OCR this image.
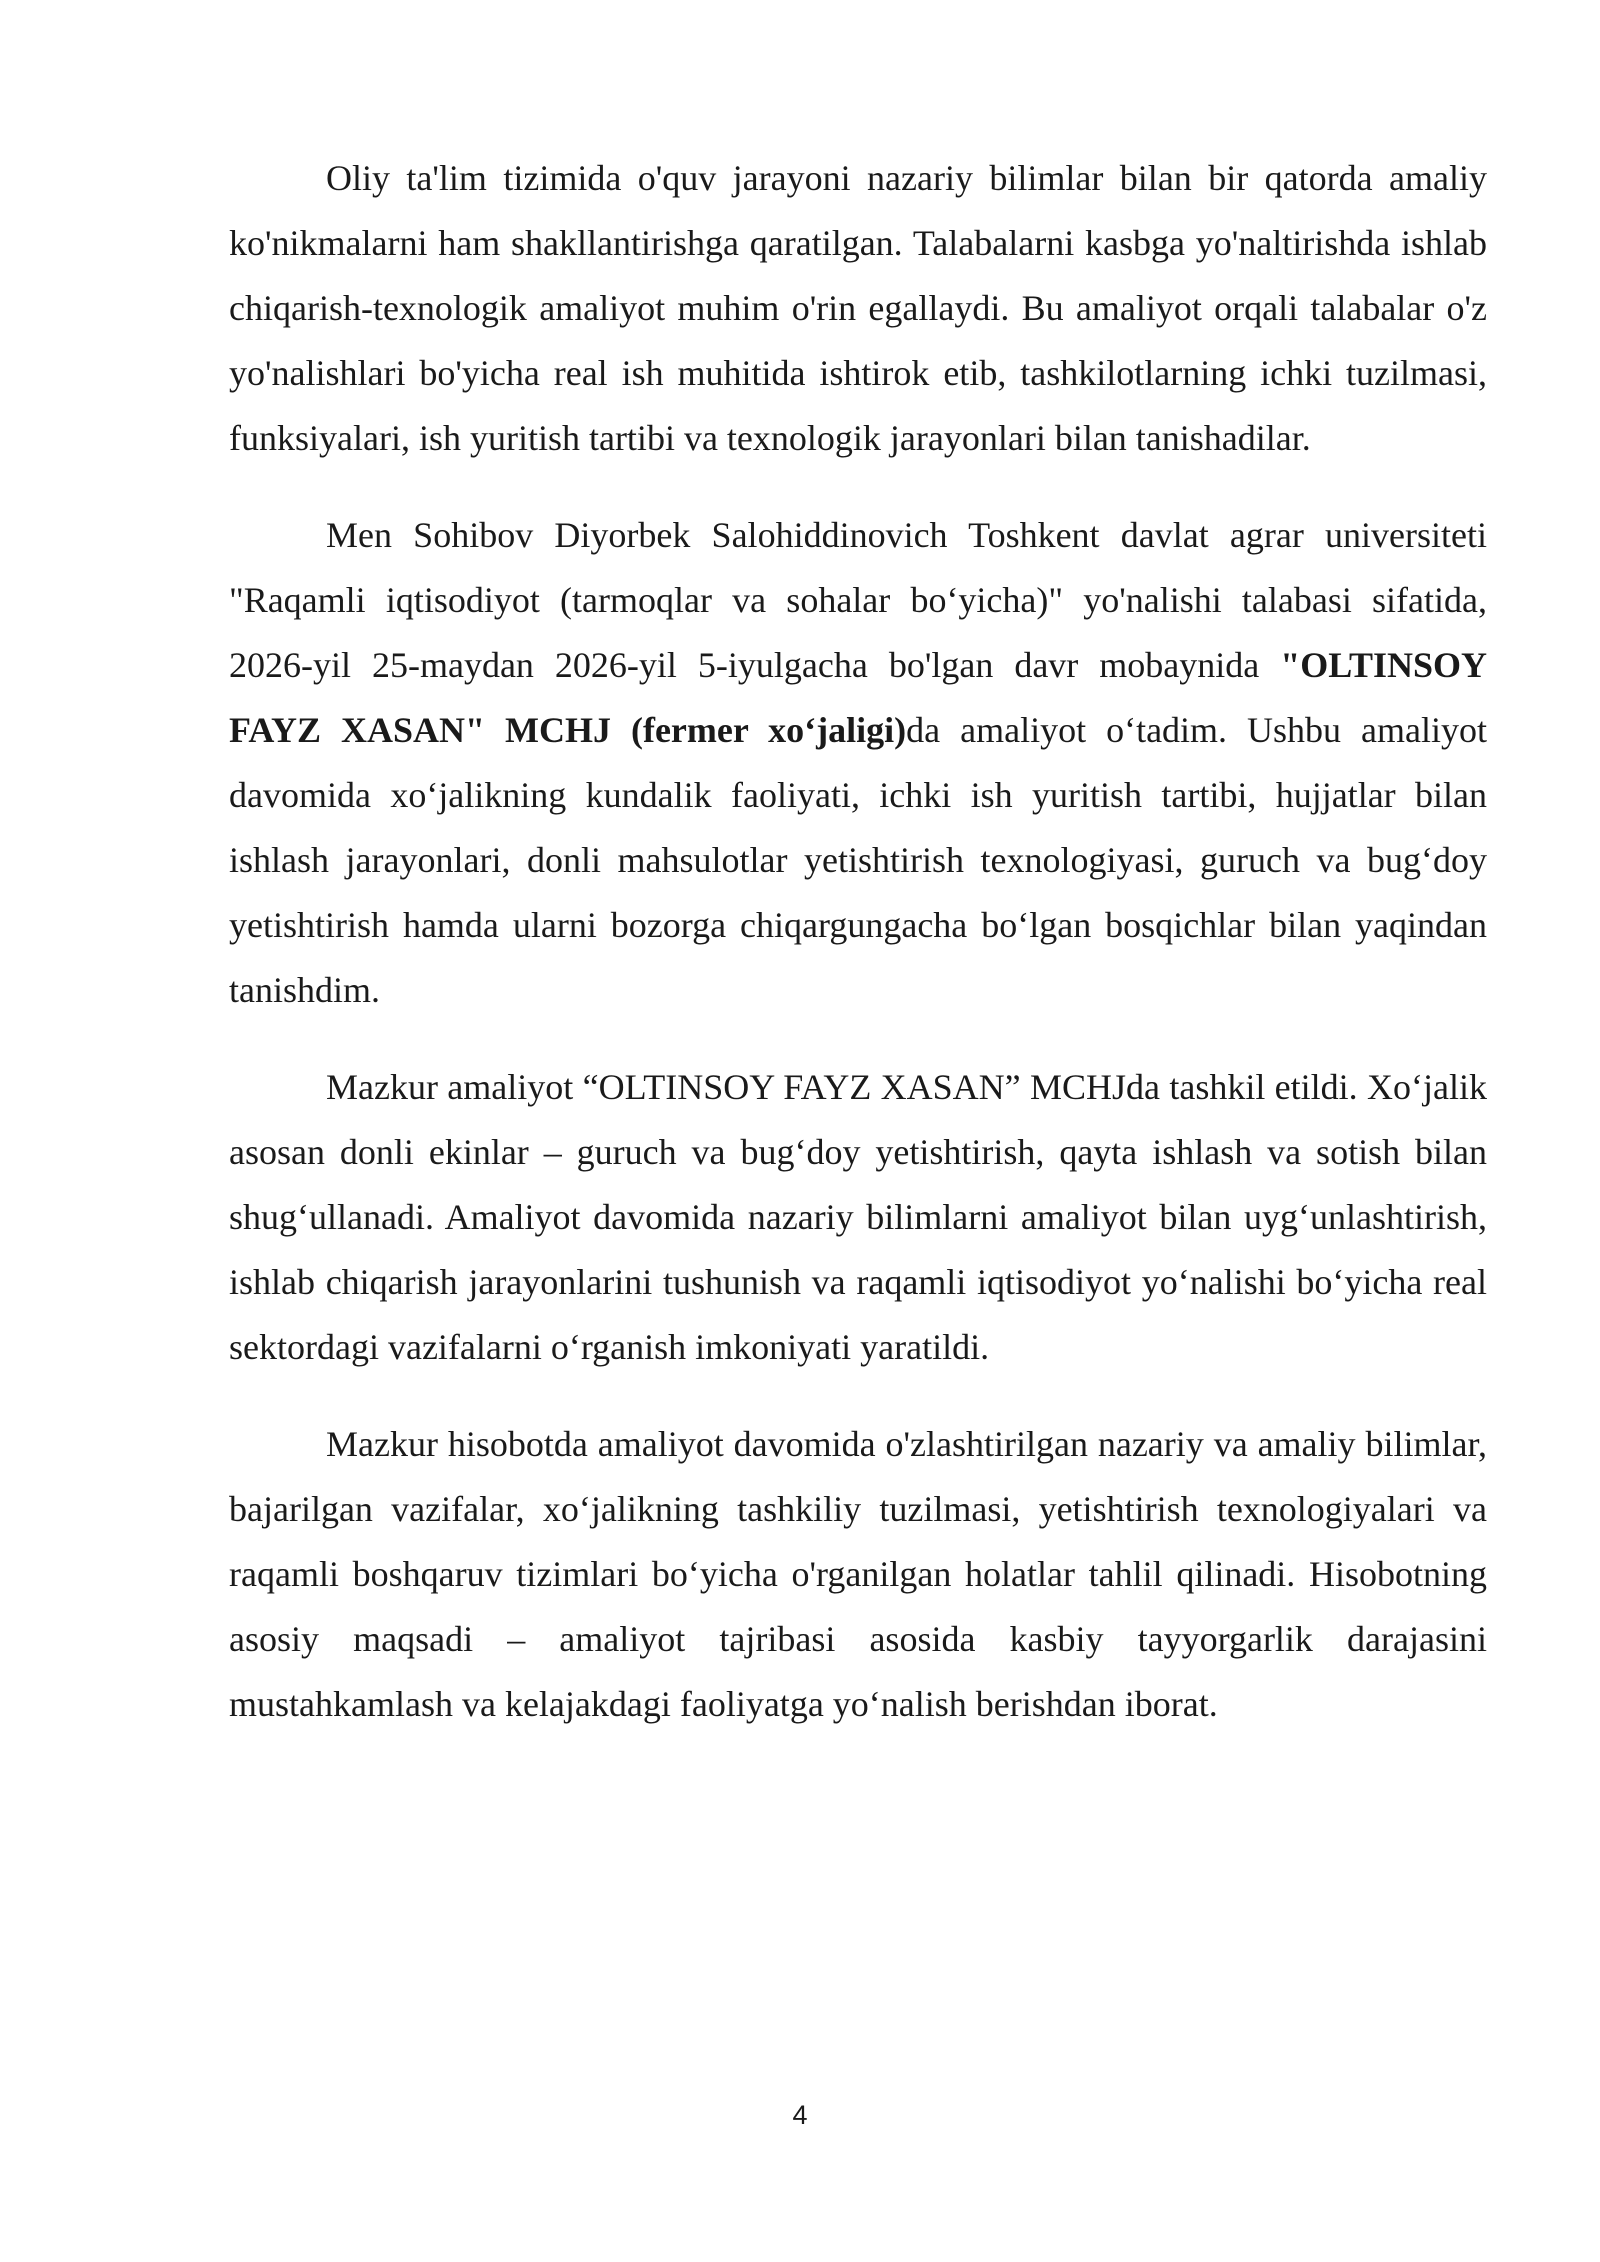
Oliy ta'lim tizimida o'quv jarayoni nazariy bilimlar bilan bir qatorda amaliy ko'nikmalarni ham shakllantirishga qaratilgan. Talabalarni kasbga yo'naltirishda ishlab chiqarish-texnologik amaliyot muhim o'rin egallaydi. Bu amaliyot orqali talabalar o'z yo'nalishlari bo'yicha real ish muhitida ishtirok etib, tashkilotlarning ichki tuzilmasi, funksiyalari, ish yuritish tartibi va texnologik jarayonlari bilan tanishadilar.

Men Sohibov Diyorbek Salohiddinovich Toshkent davlat agrar universiteti "Raqamli iqtisodiyot (tarmoqlar va sohalar bo‘yicha)" yo'nalishi talabasi sifatida, 2026-yil 25-maydan 2026-yil 5-iyulgacha bo'lgan davr mobaynida "OLTINSOY FAYZ XASAN" MCHJ (fermer xo‘jaligi)da amaliyot o‘tadim. Ushbu amaliyot davomida xo‘jalikning kundalik faoliyati, ichki ish yuritish tartibi, hujjatlar bilan ishlash jarayonlari, donli mahsulotlar yetishtirish texnologiyasi, guruch va bug‘doy yetishtirish hamda ularni bozorga chiqargungacha bo‘lgan bosqichlar bilan yaqindan tanishdim.

Mazkur amaliyot “OLTINSOY FAYZ XASAN” MCHJda tashkil etildi. Xo‘jalik asosan donli ekinlar – guruch va bug‘doy yetishtirish, qayta ishlash va sotish bilan shug‘ullanadi. Amaliyot davomida nazariy bilimlarni amaliyot bilan uyg‘unlashtirish, ishlab chiqarish jarayonlarini tushunish va raqamli iqtisodiyot yo‘nalishi bo‘yicha real sektordagi vazifalarni o‘rganish imkoniyati yaratildi.

Mazkur hisobotda amaliyot davomida o'zlashtirilgan nazariy va amaliy bilimlar, bajarilgan vazifalar, xo‘jalikning tashkiliy tuzilmasi, yetishtirish texnologiyalari va raqamli boshqaruv tizimlari bo‘yicha o'rganilgan holatlar tahlil qilinadi. Hisobotning asosiy maqsadi – amaliyot tajribasi asosida kasbiy tayyorgarlik darajasini mustahkamlash va kelajakdagi faoliyatga yo‘nalish berishdan iborat.

4
